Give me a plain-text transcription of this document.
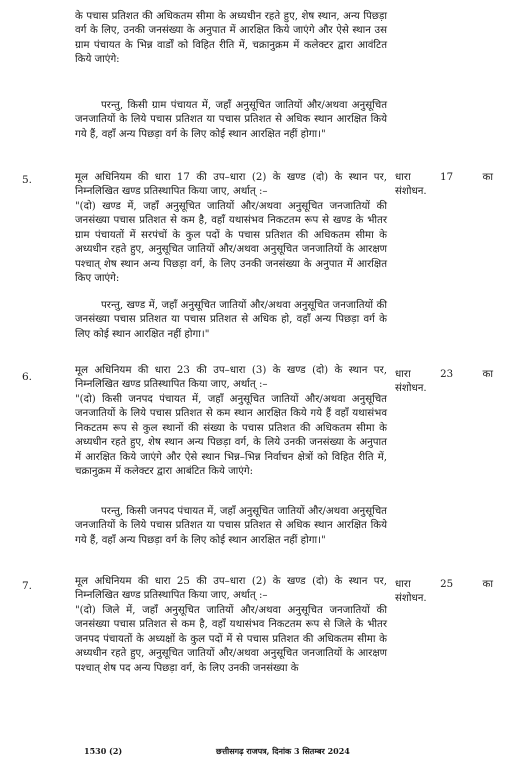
के पचास प्रतिशत की अधिकतम सीमा के अध्यधीन रहते हुए, शेष स्थान, अन्य पिछड़ा वर्ग के लिए, उनकी जनसंख्या के अनुपात में आरक्षित किये जाएंगे और ऐसे स्थान उस ग्राम पंचायत के भिन्न वार्डों को विहित रीति में, चक्रानुक्रम में कलेक्टर द्वारा आवंटित किये जाएंगे:
परन्तु, किसी ग्राम पंचायत में, जहाँ अनुसूचित जातियों और/अथवा अनुसूचित जनजातियों के लिये पचास प्रतिशत या पचास प्रतिशत से अधिक स्थान आरक्षित किये गये हैं, वहाँ अन्य पिछड़ा वर्ग के लिए कोई स्थान आरक्षित नहीं होगा।"
5.	धारा	17	का
संशोधन.
मूल अधिनियम की धारा 17 की उप–धारा (2) के खण्ड (दो) के स्थान पर, निम्नलिखित खण्ड प्रतिस्थापित किया जाए, अर्थात् :–
"(दो) खण्ड में, जहाँ अनुसूचित जातियों और/अथवा अनुसूचित जनजातियों की जनसंख्या पचास प्रतिशत से कम है, वहाँ यथासंभव निकटतम रूप से खण्ड के भीतर ग्राम पंचायतों में सरपंचों के कुल पदों के पचास प्रतिशत की अधिकतम सीमा के अध्यधीन रहते हुए, अनुसूचित जातियों और/अथवा अनुसूचित जनजातियों के आरक्षण पश्चात् शेष स्थान अन्य पिछड़ा वर्ग, के लिए उनकी जनसंख्या के अनुपात में आरक्षित किए जाएंगे:
परन्तु, खण्ड में, जहाँ अनुसूचित जातियों और/अथवा अनुसूचित जनजातियों की जनसंख्या पचास प्रतिशत या पचास प्रतिशत से अधिक हो, वहाँ अन्य पिछड़ा वर्ग के लिए कोई स्थान आरक्षित नहीं होगा।"
6.	धारा	23	का
संशोधन.
मूल अधिनियम की धारा 23 की उप–धारा (3) के खण्ड (दो) के स्थान पर, निम्नलिखित खण्ड प्रतिस्थापित किया जाए, अर्थात् :–
"(दो) किसी जनपद पंचायत में, जहाँ अनुसूचित जातियों और/अथवा अनुसूचित जनजातियों के लिये पचास प्रतिशत से कम स्थान आरक्षित किये गये हैं वहाँ यथासंभव निकटतम रूप से कुल स्थानों की संख्या के पचास प्रतिशत की अधिकतम सीमा के अध्यधीन रहते हुए, शेष स्थान अन्य पिछड़ा वर्ग, के लिये उनकी जनसंख्या के अनुपात में आरक्षित किये जाएंगे और ऐसे स्थान भिन्न–भिन्न निर्वाचन क्षेत्रों को विहित रीति में, चक्रानुक्रम में कलेक्टर द्वारा आबंटित किये जाएंगे:
परन्तु, किसी जनपद पंचायत में, जहाँ अनुसूचित जातियों और/अथवा अनुसूचित जनजातियों के लिये पचास प्रतिशत या पचास प्रतिशत से अधिक स्थान आरक्षित किये गये हैं, वहाँ अन्य पिछड़ा वर्ग के लिए कोई स्थान आरक्षित नहीं होगा।"
7.	धारा	25	का
संशोधन.
मूल अधिनियम की धारा 25 की उप–धारा (2) के खण्ड (दो) के स्थान पर, निम्नलिखित खण्ड प्रतिस्थापित किया जाए, अर्थात् :–
"(दो) जिले में, जहाँ अनुसूचित जातियों और/अथवा अनुसूचित जनजातियों की जनसंख्या पचास प्रतिशत से कम है, वहाँ यथासंभव निकटतम रूप से जिले के भीतर जनपद पंचायतों के अध्यक्षों के कुल पदों में से पचास प्रतिशत की अधिकतम सीमा के अध्यधीन रहते हुए, अनुसूचित जातियों और/अथवा अनुसूचित जनजातियों के आरक्षण पश्चात् शेष पद अन्य पिछड़ा वर्ग, के लिए उनकी जनसंख्या के
1530 (2)	छत्तीसगढ़ राजपत्र, दिनांक 3 सितम्बर 2024
